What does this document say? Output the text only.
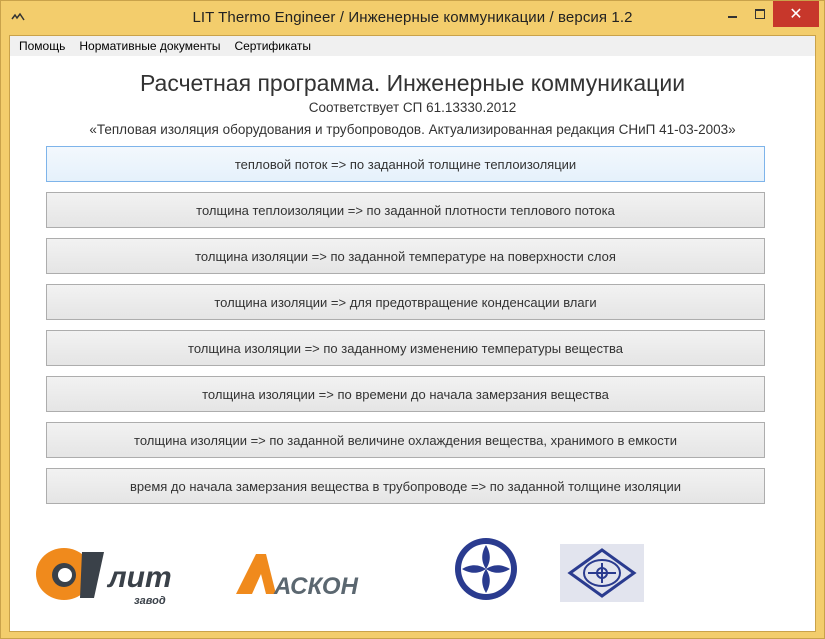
LIT Thermo Engineer / Инженерные коммуникации / версия 1.2	✕
Помощь	Нормативные документы	Сертификаты
Расчетная программа. Инженерные коммуникации
Соответствует СП 61.13330.2012
«Тепловая изоляция оборудования и трубопроводов. Актуализированная редакция СНиП 41-03-2003»
тепловой поток => по заданной толщине теплоизоляции
толщина теплоизоляции => по заданной плотности теплового потока
толщина изоляции => по заданной температуре на поверхности слоя
толщина изоляции => для предотвращение конденсации влаги
толщина изоляции => по заданному изменению температуры вещества
толщина изоляции => по времени до начала замерзания вещества
толщина изоляции => по заданной величине охлаждения вещества, хранимого в емкости
время до начала замерзания вещества в трубопроводе => по заданной толщине изоляции
лит
завод
АСКОН
